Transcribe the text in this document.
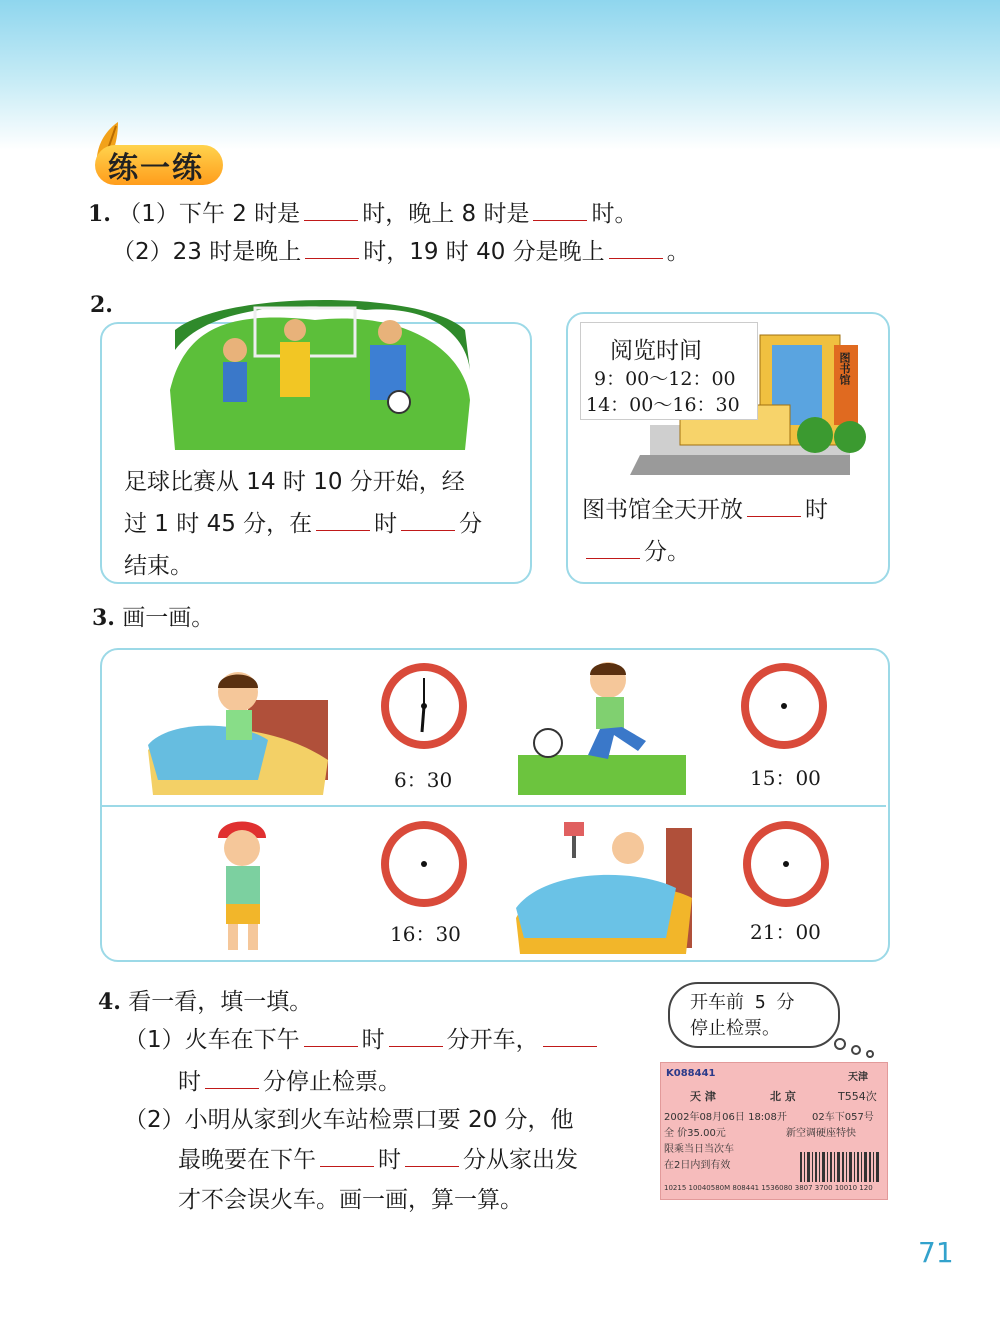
练一练
1. （1）下午 2 时是	时，晚上 8 时是	时。
（2）23 时是晚上	时，19 时 40 分是晚上	。
2.
足球比赛从 14 时 10 分开始，经
过 1 时 45 分，在	时	分
结束。
阅览时间
9：00～12：00
14：00～16：30
图书馆
图书馆全天开放	时
分。
3. 画一画。
6：30	15：00
16：30	21：00
4. 看一看，填一填。	开车前 5 分
停止检票。
（1）火车在下午	时	分开车，
时	分停止检票。
（2）小明从家到火车站检票口要 20 分，他
最晚要在下午	时	分从家出发
才不会误火车。画一画，算一算。
K088441	天津
天 津	北 京	T554次
2002年08月06日 18:08开	02车下057号
全 价35.00元	新空调硬座特快
限乘当日当次车
在2日内到有效
10215 10040580M 808441 1536080 3807 3700 10010 120
71
